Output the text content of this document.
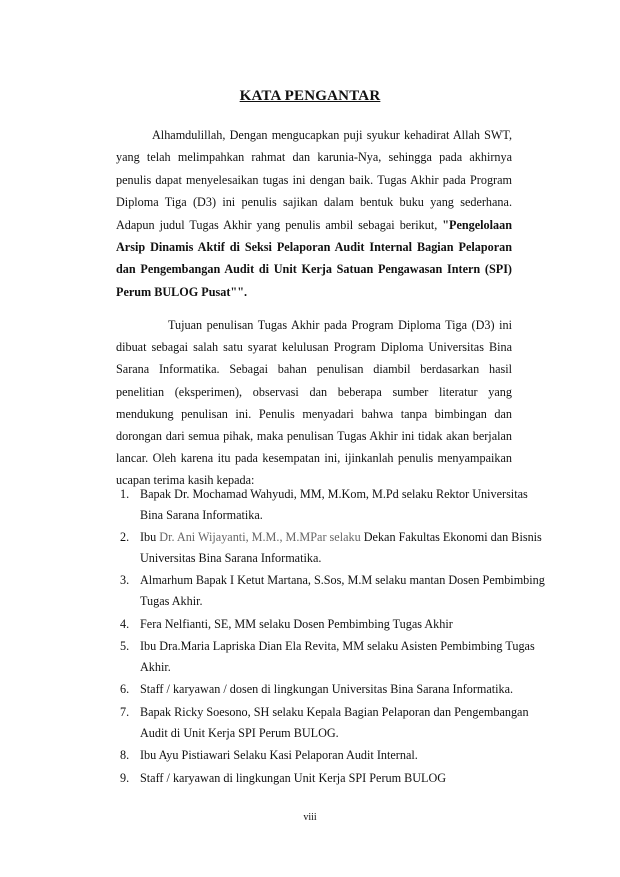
KATA PENGANTAR
Alhamdulillah, Dengan mengucapkan puji syukur kehadirat Allah SWT, yang telah melimpahkan rahmat dan karunia-Nya, sehingga pada akhirnya penulis dapat menyelesaikan tugas ini dengan baik. Tugas Akhir pada Program Diploma Tiga (D3) ini penulis sajikan dalam bentuk buku yang sederhana. Adapun judul Tugas Akhir yang penulis ambil sebagai berikut, "Pengelolaan Arsip Dinamis Aktif di Seksi Pelaporan Audit Internal Bagian Pelaporan dan Pengembangan Audit di Unit Kerja Satuan Pengawasan Intern (SPI) Perum BULOG Pusat"".
Tujuan penulisan Tugas Akhir pada Program Diploma Tiga (D3) ini dibuat sebagai salah satu syarat kelulusan Program Diploma Universitas Bina Sarana Informatika. Sebagai bahan penulisan diambil berdasarkan hasil penelitian (eksperimen), observasi dan beberapa sumber literatur yang mendukung penulisan ini. Penulis menyadari bahwa tanpa bimbingan dan dorongan dari semua pihak, maka penulisan Tugas Akhir ini tidak akan berjalan lancar. Oleh karena itu pada kesempatan ini, ijinkanlah penulis menyampaikan ucapan terima kasih kepada:
1. Bapak Dr. Mochamad Wahyudi, MM, M.Kom, M.Pd selaku Rektor Universitas Bina Sarana Informatika.
2. Ibu Dr. Ani Wijayanti, M.M., M.MPar selaku Dekan Fakultas Ekonomi dan Bisnis Universitas Bina Sarana Informatika.
3. Almarhum Bapak I Ketut Martana, S.Sos, M.M selaku mantan Dosen Pembimbing Tugas Akhir.
4. Fera Nelfianti, SE, MM selaku Dosen Pembimbing Tugas Akhir
5. Ibu Dra.Maria Lapriska Dian Ela Revita, MM selaku Asisten Pembimbing Tugas Akhir.
6. Staff / karyawan / dosen di lingkungan Universitas Bina Sarana Informatika.
7. Bapak Ricky Soesono, SH selaku Kepala Bagian Pelaporan dan Pengembangan Audit di Unit Kerja SPI Perum BULOG.
8. Ibu Ayu Pistiawari Selaku Kasi Pelaporan Audit Internal.
9. Staff / karyawan di lingkungan Unit Kerja SPI Perum BULOG
viii
